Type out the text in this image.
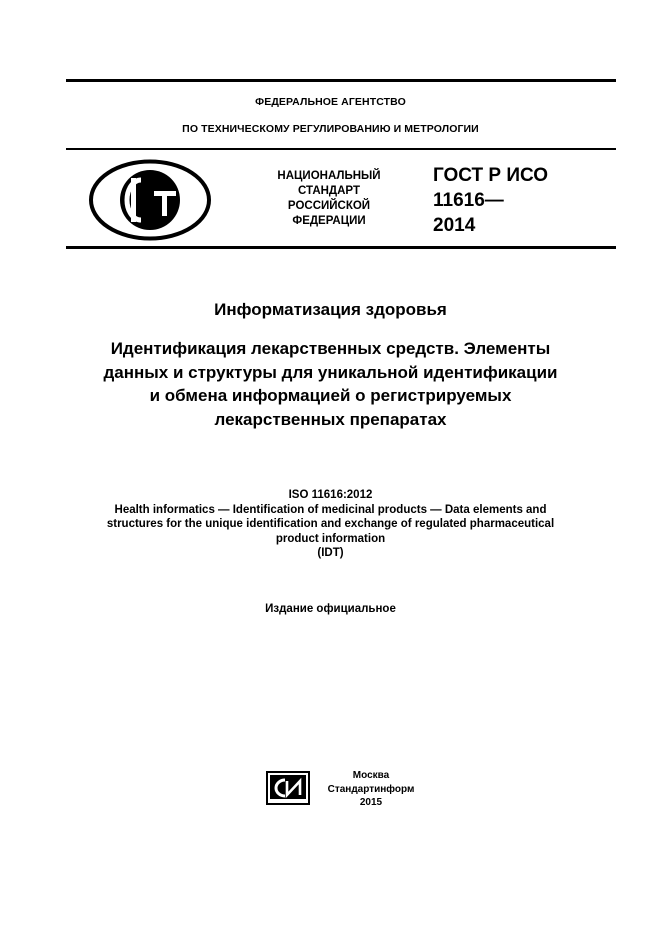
ФЕДЕРАЛЬНОЕ АГЕНТСТВО
ПО ТЕХНИЧЕСКОМУ РЕГУЛИРОВАНИЮ И МЕТРОЛОГИИ
НАЦИОНАЛЬНЫЙ
СТАНДАРТ
РОССИЙСКОЙ
ФЕДЕРАЦИИ
ГОСТ Р ИСО
11616—
2014
Информатизация здоровья
Идентификация лекарственных средств. Элементы
данных и структуры для уникальной идентификации
и обмена информацией о регистрируемых
лекарственных препаратах
ISO 11616:2012
Health informatics — Identification of medicinal products — Data elements and
structures for the unique identification and exchange of regulated pharmaceutical
product information
(IDT)
Издание официальное
Москва
Стандартинформ
2015
